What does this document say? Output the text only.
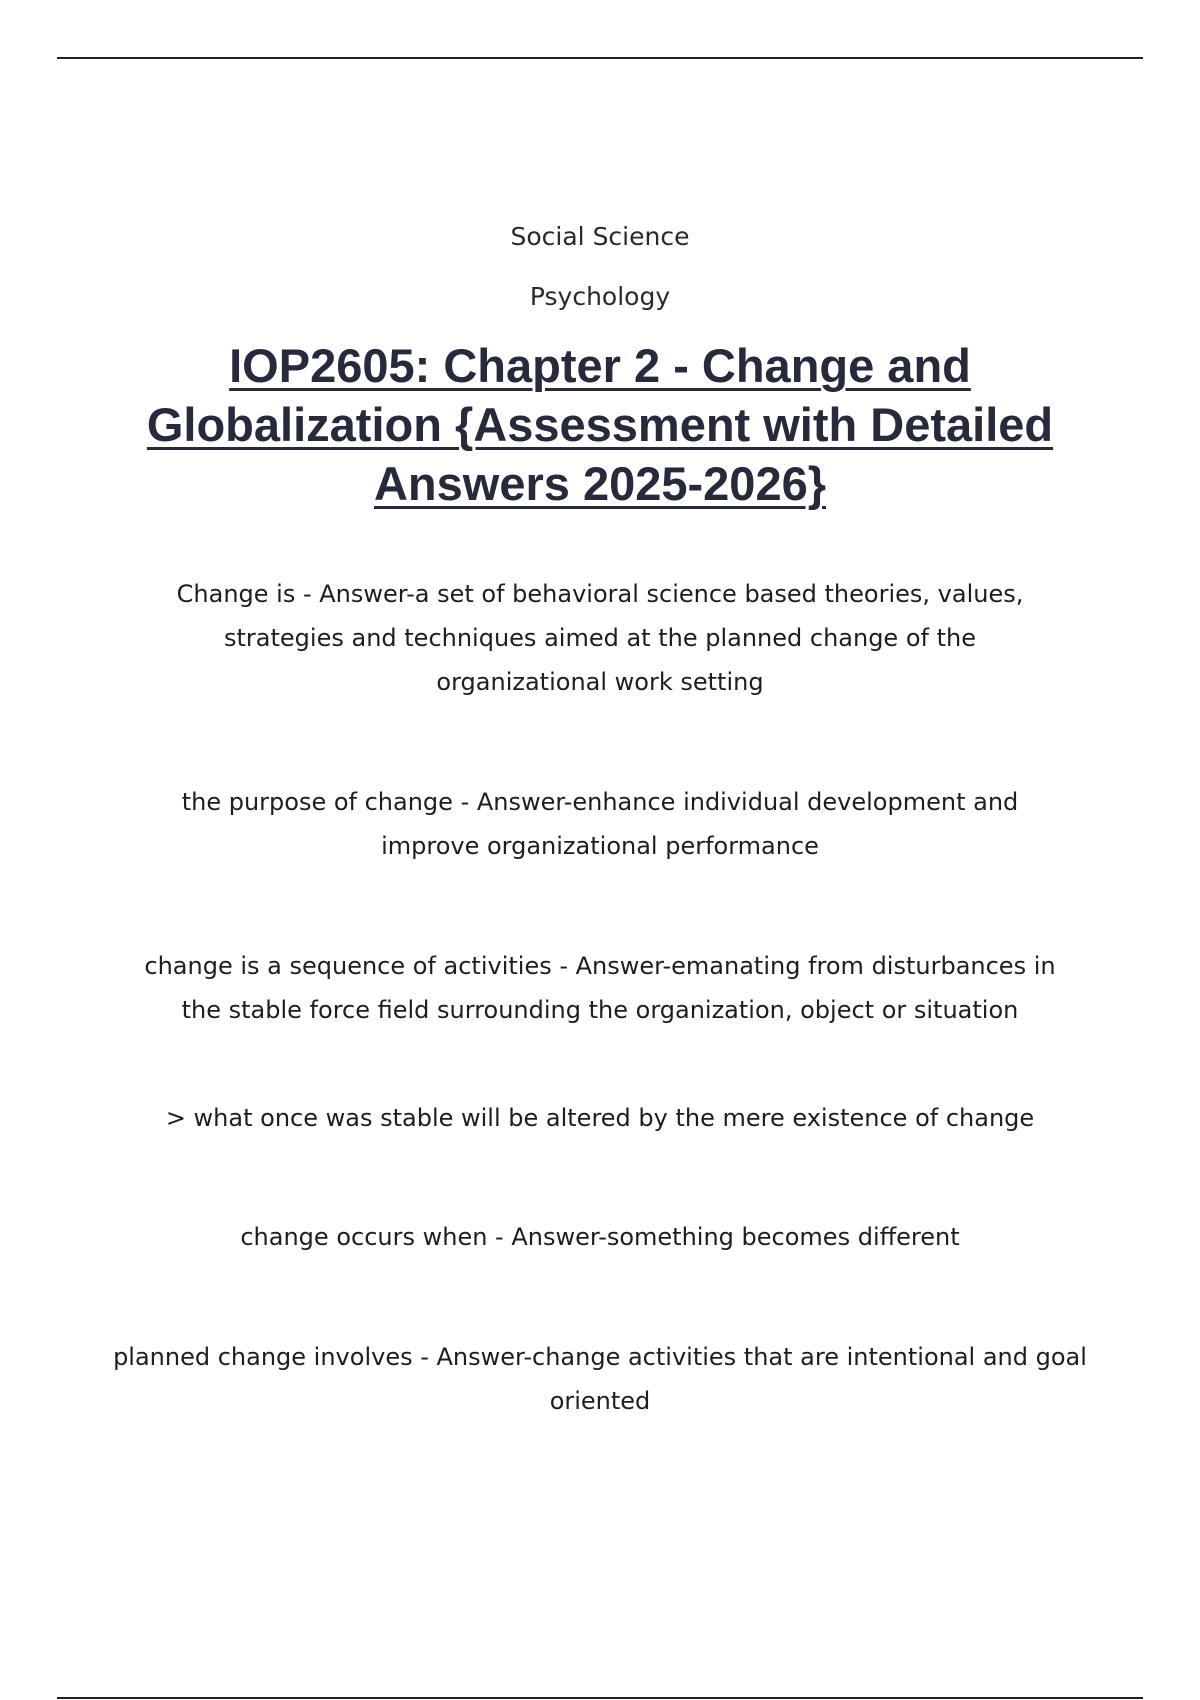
Social Science
Psychology
IOP2605: Chapter 2 - Change and Globalization {Assessment with Detailed Answers 2025-2026}

Change is - Answer-a set of behavioral science based theories, values, strategies and techniques aimed at the planned change of the organizational work setting

the purpose of change - Answer-enhance individual development and improve organizational performance

change is a sequence of activities - Answer-emanating from disturbances in the stable force field surrounding the organization, object or situation

> what once was stable will be altered by the mere existence of change

change occurs when - Answer-something becomes different

planned change involves - Answer-change activities that are intentional and goal oriented
